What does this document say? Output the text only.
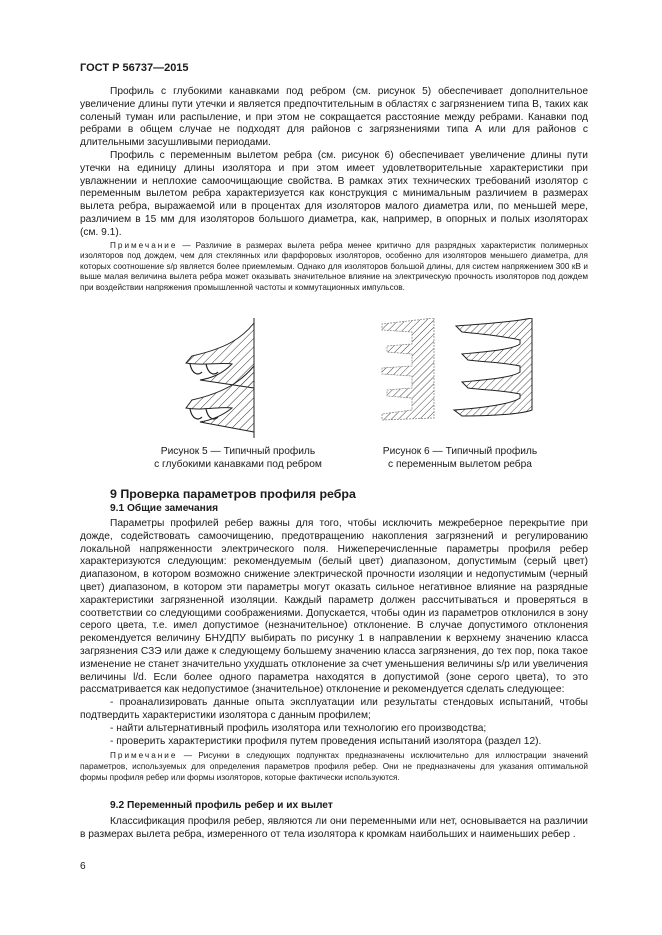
ГОСТ Р 56737—2015

Профиль с глубокими канавками под ребром (см. рисунок 5) обеспечивает дополнительное увеличение длины пути утечки и является предпочтительным в областях с загрязнением типа В, таких как соленый туман или распыление, и при этом не сокращается расстояние между ребрами. Канавки под ребрами в общем случае не подходят для районов с загрязнениями типа А или для районов с длительными засушливыми периодами.

Профиль с переменным вылетом ребра (см. рисунок 6) обеспечивает увеличение длины пути утечки на единицу длины изолятора и при этом имеет удовлетворительные характеристики при увлажнении и неплохие самоочищающие свойства. В рамках этих технических требований изолятор с переменным вылетом ребра характеризуется как конструкция с минимальным различием в размерах вылета ребра, выражаемой или в процентах для изоляторов малого диаметра или, по меньшей мере, различием в 15 мм для изоляторов большого диаметра, как, например, в опорных и полых изоляторах (см. 9.1).

Примечание — Различие в размерах вылета ребра менее критично для разрядных характеристик полимерных изоляторов под дождем, чем для стеклянных или фарфоровых изоляторов, особенно для изоляторов меньшего диаметра, для которых соотношение s/p является более приемлемым. Однако для изоляторов большой длины, для систем напряжением 300 кВ и выше малая величина вылета ребра может оказывать значительное влияние на электрическую прочность изоляторов под дождем при воздействии напряжения промышленной частоты и коммутационных импульсов.

Рисунок 5 — Типичный профиль
с глубокими канавками под ребром
Рисунок 6 — Типичный профиль
с переменным вылетом ребра
9 Проверка параметров профиля ребра
9.1 Общие замечания

Параметры профилей ребер важны для того, чтобы исключить межреберное перекрытие при дожде, содействовать самоочищению, предотвращению накопления загрязнений и регулированию локальной напряженности электрического поля. Нижеперечисленные параметры профиля ребер характеризуются следующим: рекомендуемым (белый цвет) диапазоном, допустимым (серый цвет) диапазоном, в котором возможно снижение электрической прочности изоляции и недопустимым (черный цвет) диапазоном, в котором эти параметры могут оказать сильное негативное влияние на разрядные характеристики загрязненной изоляции. Каждый параметр должен рассчитываться и проверяться в соответствии со следующими соображениями. Допускается, чтобы один из параметров отклонился в зону серого цвета, т.е. имел допустимое (незначительное) отклонение. В случае допустимого отклонения рекомендуется величину БНУДПУ выбирать по рисунку 1 в направлении к верхнему значению класса загрязнения СЗЭ или даже к следующему большему значению класса загрязнения, до тех пор, пока такое изменение не станет значительно ухудшать отклонение за счет уменьшения величины s/p или увеличения величины l/d. Если более одного параметра находятся в допустимой (зоне серого цвета), то это рассматривается как недопустимое (значительное) отклонение и рекомендуется сделать следующее:

- проанализировать данные опыта эксплуатации или результаты стендовых испытаний, чтобы подтвердить характеристики изолятора с данным профилем;

- найти альтернативный профиль изолятора или технологию его производства;

- проверить характеристики профиля путем проведения испытаний изолятора (раздел 12).

Примечание — Рисунки в следующих подпунктах предназначены исключительно для иллюстрации значений параметров, используемых для определения параметров профиля ребер. Они не предназначены для указания оптимальной формы профиля ребер или формы изоляторов, которые фактически используются.

9.2 Переменный профиль ребер и их вылет

Классификация профиля ребер, являются ли они переменными или нет, основывается на различии в размерах вылета ребра, измеренного от тела изолятора к кромкам наибольших и наименьших ребер .

6
